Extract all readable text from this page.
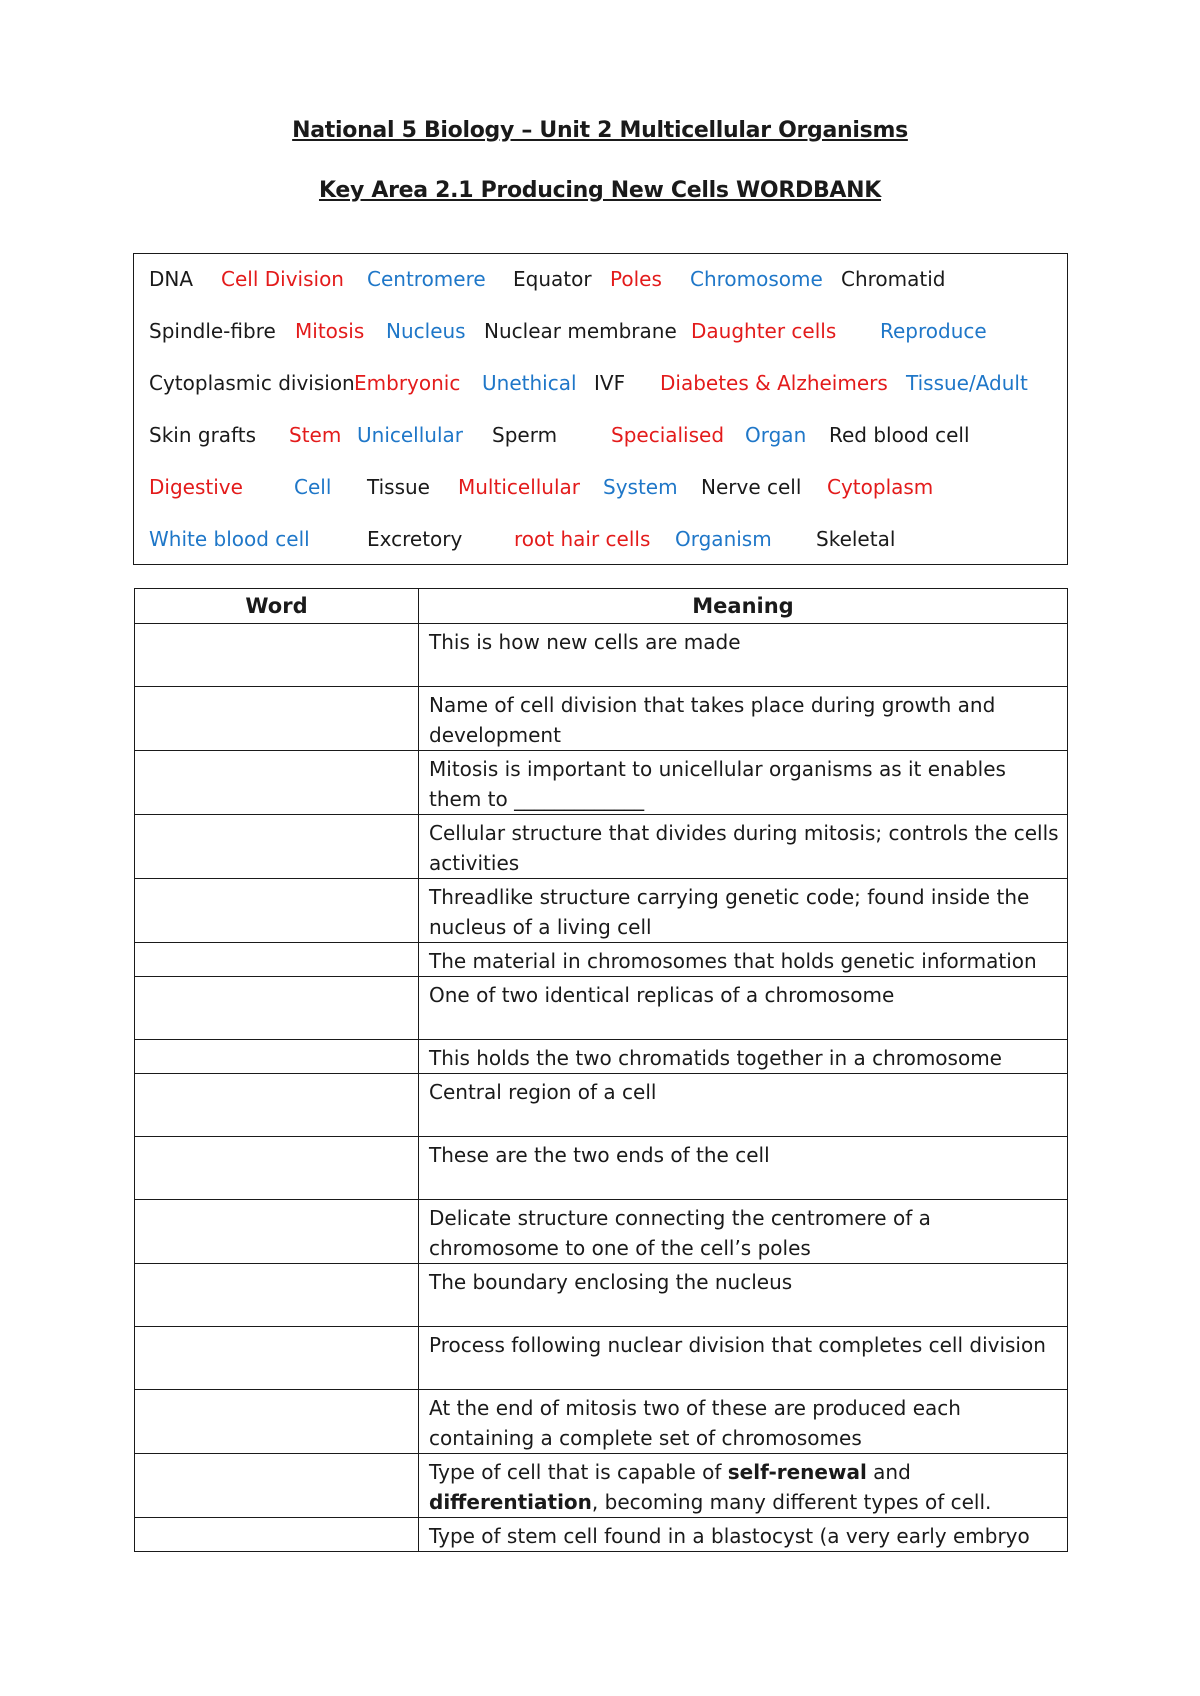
National 5 Biology – Unit 2 Multicellular Organisms
Key Area 2.1 Producing New Cells WORDBANK
DNA Cell Division Centromere Equator Poles Chromosome Chromatid
Spindle-fibre Mitosis Nucleus Nuclear membrane Daughter cells Reproduce
Cytoplasmic division Embryonic Unethical IVF Diabetes & Alzheimers Tissue/Adult
Skin grafts Stem Unicellular Sperm	Specialised Organ Red blood cell
Digestive	Cell Tissue Multicellular System Nerve cell Cytoplasm
White blood cell	Excretory	root hair cells Organism Skeletal
Word	Meaning

	This is how new cells are made

	Name of cell division that takes place during growth and development

	Mitosis is important to unicellular organisms as it enables them to _____________

	Cellular structure that divides during mitosis; controls the cells activities

	Threadlike structure carrying genetic code; found inside the nucleus of a living cell

	The material in chromosomes that holds genetic information

	One of two identical replicas of a chromosome

	This holds the two chromatids together in a chromosome

	Central region of a cell

	These are the two ends of the cell

	Delicate structure connecting the centromere of a chromosome to one of the cell’s poles

	The boundary enclosing the nucleus

	Process following nuclear division that completes cell division

	At the end of mitosis two of these are produced each containing a complete set of chromosomes

	Type of cell that is capable of self-renewal and differentiation, becoming many different types of cell.

	Type of stem cell found in a blastocyst (a very early embryo
